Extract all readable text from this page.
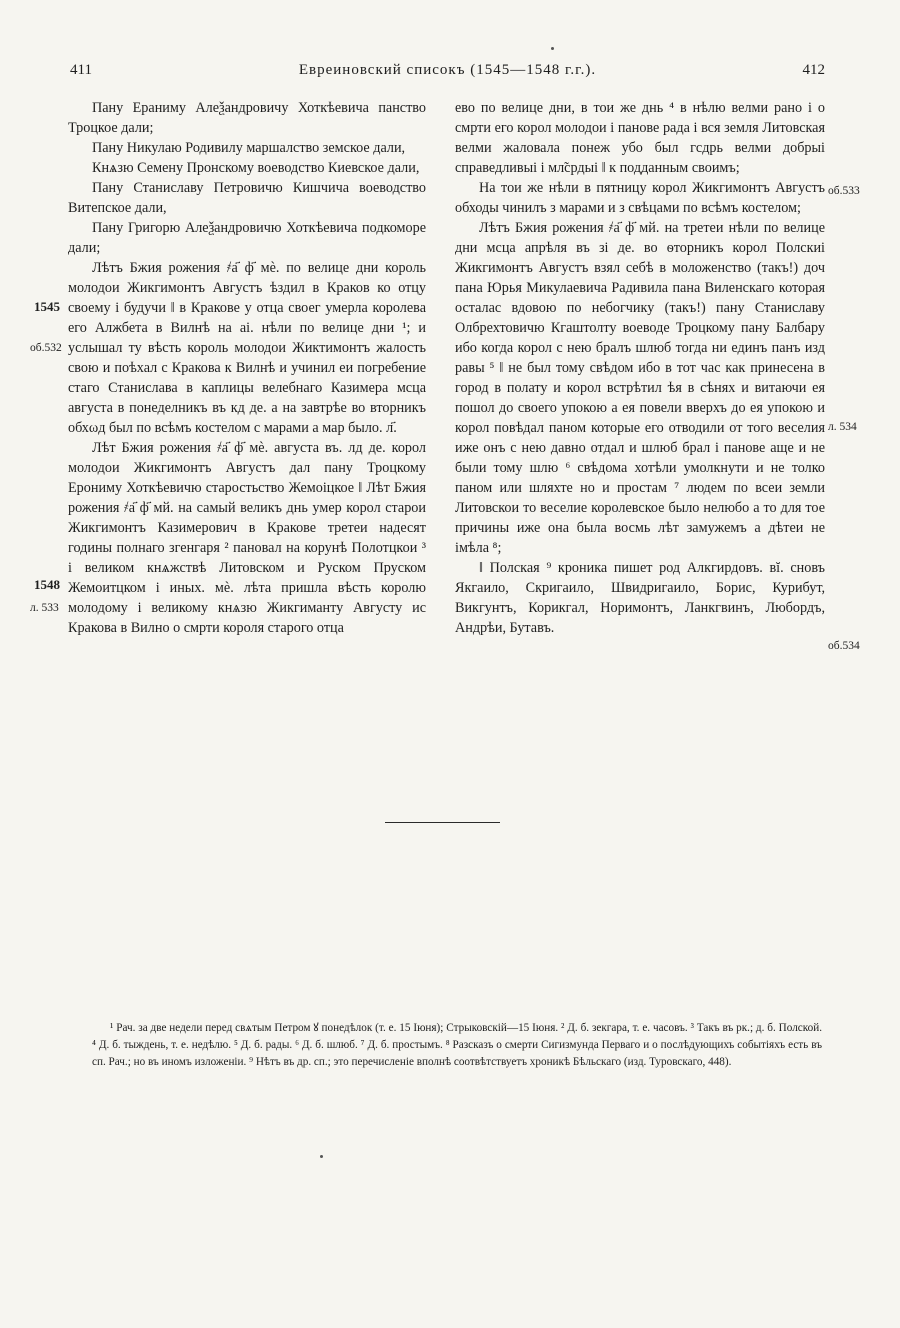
411	Евреиновский списокъ (1545—1548 г.г.).	412

Пану Ераниму Алеѯандровичу Хоткѣевича панство Троцкое дали;

Пану Никулаю Родивилу маршалство земское дали,

Кнѧзю Семену Пронскому воеводство Киевское дали,

Пану Станиславу Петровичю Кишчича воеводство Витепское дали,

Пану Григорю Алеѯандровичю Хоткѣевича подкоморе дали;

Лѣтъ Бжия рожения ҂а҃ ф҃ мѐ. по велице дни король молодои Жикгимонтъ Августъ ѣздил в Краков ко отцу своему і будучи ‖ в Кракове у отца своег умерла королева его Алжбета в Вилнѣ на аі. нѣли по велице дни ¹; и услышал ту вѣсть король молодои Жиктимонтъ жалость свою и поѣхал с Кракова к Вилнѣ и учинил еи погребение стаго Станислава в каплицы велебнаго Казимера мсца августа в понеделникъ въ кд де. а на завтрѣе во вторникъ обхωд был по всѣмъ костелом с марами а мар было. л҃.

Лѣт Бжия рожения ҂а҃ ф҃ мѐ. августа въ. лд де. корол молодои Жикгимонтъ Августъ дал пану Троцкому Ерониму Хоткѣевичю старостьство Жемоіцкое ‖ Лѣт Бжия рожения ҂а҃ ф҃ мй. на самый великъ днь умер корол старои Жикгимонтъ Казимерович в Кракове третеи надесят годины полнаго згенгаря ² панoвал на корунѣ Полотцкои ³ і великом кнѧжствѣ Литовском и Руском Пруском Жемоитцком і иных. мѐ. лѣта пришла вѣсть королю молодому і великому кнѧзю Жикгиманту Августу ис Кракова в Вилно о смрти короля старого отца

ево по велице дни, в тои же днь ⁴ в нѣлю велми рано і о смрти его корол молодои і панове рада і вся земля Литовская велми жаловала понеж убо был гсдрь велми добрыі справедливыі і мл̃срдыі ‖ к подданным своимъ;

На тои же нѣли в пятницу корол Жикгимонтъ Августъ обходы чинилъ з марами и з свѣцами по всѣмъ костелом;

Лѣтъ Бжия рожения ҂а҃ ф҃ мй. на третеи нѣли по велице дни мсца апрѣля въ зі де. во ѳторникъ корол Полскиі Жикгимонтъ Августъ взял себѣ в моложенство (такъ!) доч пана Юрья Микулаевича Радивила пана Виленскаго которая осталас вдовою по небогчику (такъ!) пану Станиславу Олбрехтовичю Кгаштолту воеводе Троцкому пану Балбару ибо когда корол с нею бралъ шлюб тогда ни единъ панъ изд равы ⁵ ‖ не был тому свѣдом ибо в тот час как принесена в город в полату и корол встрѣтил ѣя в сѣнях и витаючи ея пошол до своего упокою а ея повели вверхъ до ея упокою и корол повѣдал паном которые его отводили от того веселия иже онъ с нею давно отдал и шлюб брал і панове аще и не были тому шлю ⁶ свѣдома хотѣли умолкнути и не толко паном или шляхте но и простам ⁷ людем по всеи земли Литовскои то веселие королевское было нелюбо а то для тое причины иже она была восмь лѣт замужемъ а дѣтеи не імѣла ⁸;

‖ Полская ⁹ кроника пишет род Алкгирдовъ. вĭ. сновъ Якгаило, Скригаило, Швидригаило, Борис, Курибут, Викгунтъ, Корикгал, Норимонтъ, Ланкгвинъ, Любордъ, Андрѣи, Бутавъ.

1545
об.532
1548
л. 533
об.533
л. 534
об.534

¹ Рач. за две недели перед свѧтым Петром ꙋ понедѣлок (т. е. 15 Іюня); Стрыковскій—15 Іюня. ² Д. б. зекгара, т. е. часовъ. ³ Такъ въ рк.; д. б. Полской. ⁴ Д. б. тыждень, т. е. недѣлю. ⁵ Д. б. рады. ⁶ Д. б. шлюб. ⁷ Д. б. простымъ. ⁸ Разсказъ о смерти Сигизмунда Перваго и о послѣдующихъ событіяхъ есть въ сп. Рач.; но въ иномъ изложеніи. ⁹ Нѣтъ въ др. сп.; это перечисленіе вполнѣ соотвѣтствуетъ хроникѣ Бѣльскаго (изд. Туровскаго, 448).
